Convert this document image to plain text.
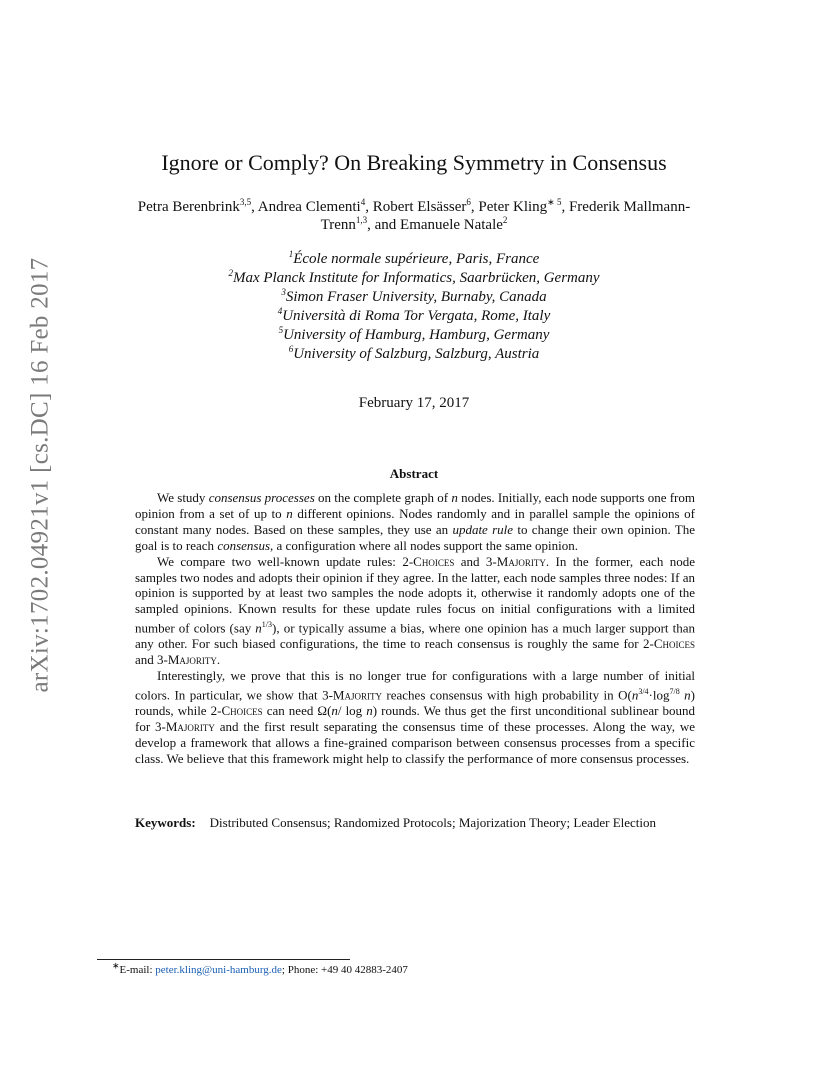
arXiv:1702.04921v1 [cs.DC] 16 Feb 2017
Ignore or Comply? On Breaking Symmetry in Consensus
Petra Berenbrink$^{3,5}$, Andrea Clementi$^4$, Robert Elsässer$^6$, Peter Kling$^{∗ 5}$, Frederik Mallmann-Trenn$^{1,3}$, and Emanuele Natale$^2$
$^1$École normale supérieure, Paris, France
$^2$Max Planck Institute for Informatics, Saarbrücken, Germany
$^3$Simon Fraser University, Burnaby, Canada
$^4$Università di Roma Tor Vergata, Rome, Italy
$^5$University of Hamburg, Hamburg, Germany
$^6$University of Salzburg, Salzburg, Austria
February 17, 2017
Abstract

We study consensus processes on the complete graph of n nodes. Initially, each node supports one from opinion from a set of up to n different opinions. Nodes randomly and in parallel sample the opinions of constant many nodes. Based on these samples, they use an update rule to change their own opinion. The goal is to reach consensus, a configuration where all nodes support the same opinion.

We compare two well-known update rules: 2-Choices and 3-Majority. In the former, each node samples two nodes and adopts their opinion if they agree. In the latter, each node samples three nodes: If an opinion is supported by at least two samples the node adopts it, otherwise it randomly adopts one of the sampled opinions. Known results for these update rules focus on initial configurations with a limited number of colors (say $n^{1/3}$), or typically assume a bias, where one opinion has a much larger support than any other. For such biased configurations, the time to reach consensus is roughly the same for 2-Choices and 3-Majority.

Interestingly, we prove that this is no longer true for configurations with a large number of initial colors. In particular, we show that 3-Majority reaches consensus with high probability in $O(n^{3/4}\cdot\log^{7/8}$ n) rounds, while 2-Choices can need Ω(n/ log n) rounds. We thus get the first unconditional sublinear bound for 3-Majority and the first result separating the consensus time of these processes. Along the way, we develop a framework that allows a fine-grained comparison between consensus processes from a specific class. We believe that this framework might help to classify the performance of more consensus processes.

Keywords: Distributed Consensus; Randomized Protocols; Majorization Theory; Leader Election
∗E-mail: peter.kling@uni-hamburg.de; Phone: +49 40 42883-2407
